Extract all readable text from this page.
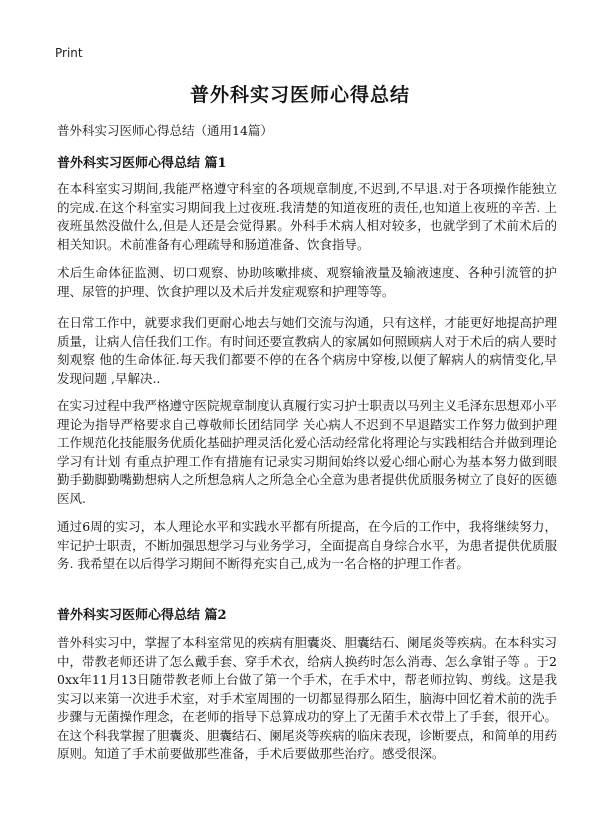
Print
普外科实习医师心得总结

普外科实习医师心得总结（通用14篇）

普外科实习医师心得总结 篇1

在本科室实习期间,我能严格遵守科室的各项规章制度,不迟到,不早退.对于各项操作能独立的完成.在这个科室实习期间我上过夜班.我清楚的知道夜班的责任,也知道上夜班的辛苦. 上夜班虽然没做什么,但是人还是会觉得累。外科手术病人相对较多，也就学到了术前术后的相关知识。术前准备有心理疏导和肠道准备、饮食指导。

术后生命体征监测、切口观察、协助咳嗽排痰、观察输液量及输液速度、各种引流管的护理、尿管的护理、饮食护理以及术后并发症观察和护理等等。

在日常工作中，就要求我们更耐心地去与她们交流与沟通，只有这样，才能更好地提高护理质量，让病人信任我们工作。有时间还要宣教病人的家属如何照顾病人对于术后的病人要时刻观察 他的生命体征.每天我们都要不停的在各个病房中穿梭,以便了解病人的病情变化,早发现问题 ,早解决..

在实习过程中我严格遵守医院规章制度认真履行实习护士职责以马列主义毛泽东思想邓小平理论为指导严格要求自己尊敬师长团结同学 关心病人不迟到不早退踏实工作努力做到护理工作规范化技能服务优质化基础护理灵活化爱心活动经常化将理论与实践相结合并做到理论学习有计划 有重点护理工作有措施有记录实习期间始终以爱心细心耐心为基本努力做到眼勤手勤脚勤嘴勤想病人之所想急病人之所急全心全意为患者提供优质服务树立了良好的医德医风.

通过6周的实习，本人理论水平和实践水平都有所提高，在今后的工作中，我将继续努力，牢记护士职责，不断加强思想学习与业务学习，全面提高自身综合水平，为患者提供优质服务. 我希望在以后得学习期间不断得充实自己,成为一名合格的护理工作者。

普外科实习医师心得总结 篇2

普外科实习中，掌握了本科室常见的疾病有胆囊炎、胆囊结石、阑尾炎等疾病。在本科实习中，带教老师还讲了怎么戴手套、穿手术衣，给病人换药时怎么消毒、怎么拿钳子等 。于20xx年11月13日随带教老师上台做了第一个手术，在手术中，帮老师拉钩、剪线。这是我实习以来第一次进手术室，对手术室周围的一切都显得那么陌生，脑海中回忆着术前的洗手步骤与无菌操作理念，在老师的指导下总算成功的穿上了无菌手术衣带上了手套，很开心。在这个科我掌握了胆囊炎、胆囊结石、阑尾炎等疾病的临床表现，诊断要点，和简单的用药原则。知道了手术前要做那些准备，手术后要做那些治疗。感受很深。
